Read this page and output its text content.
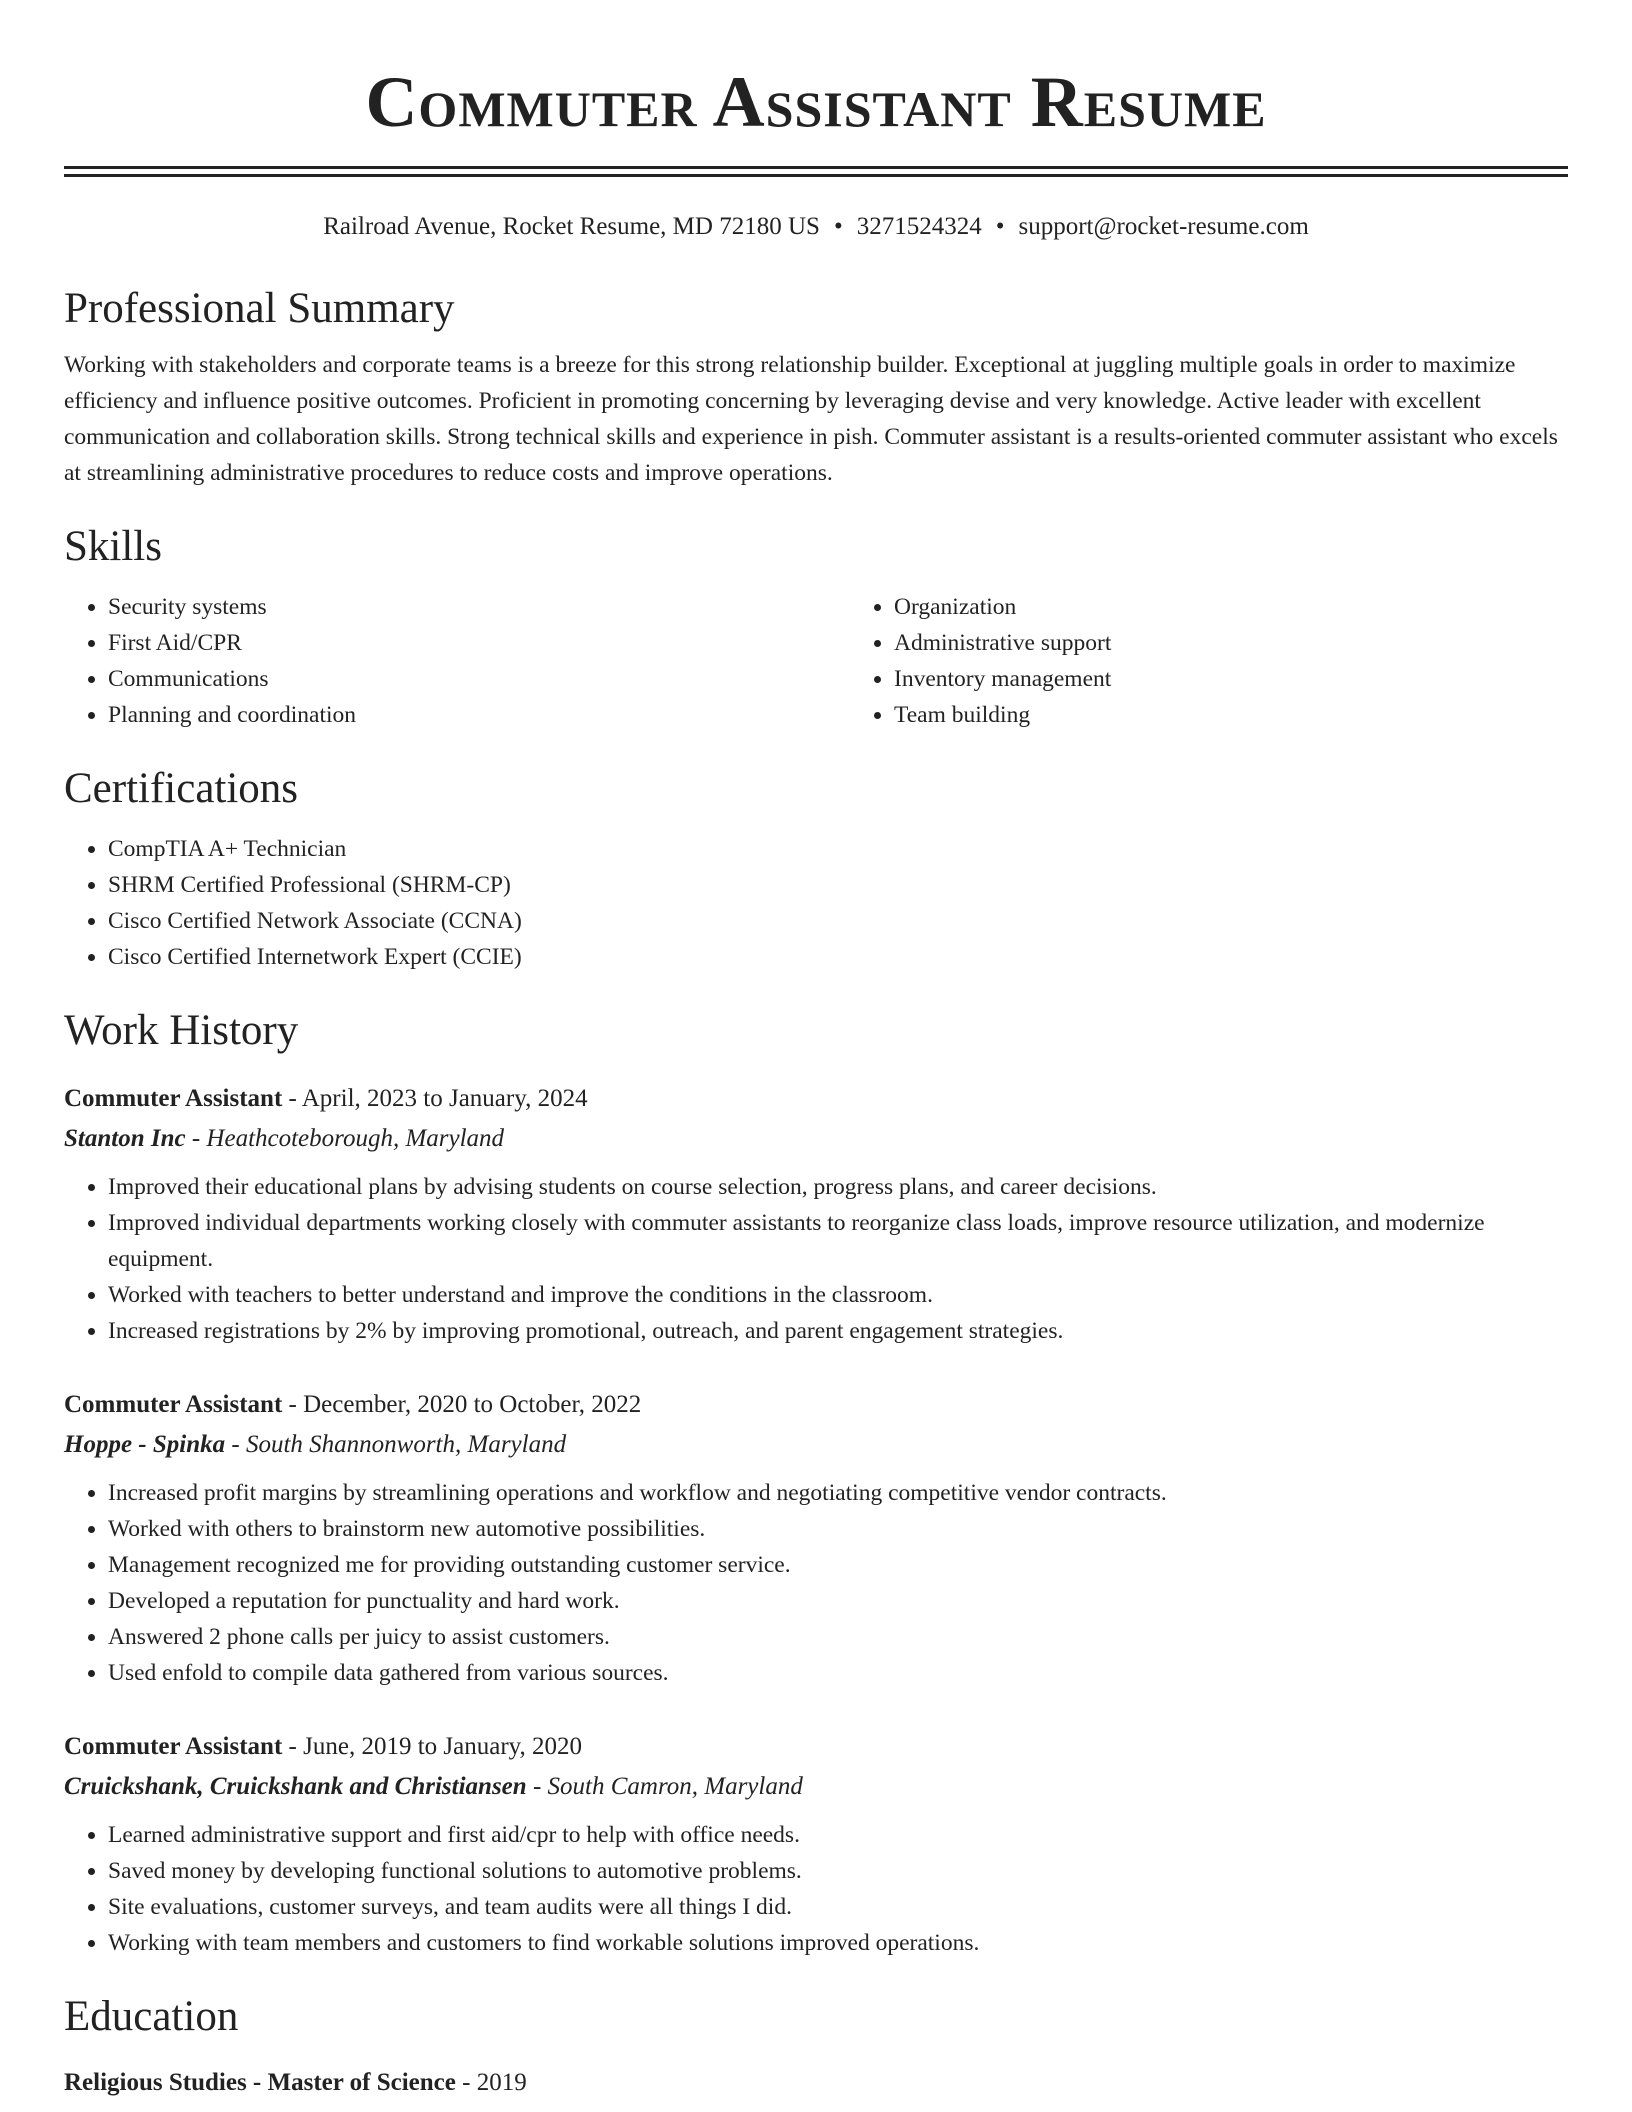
Commuter Assistant Resume
Railroad Avenue, Rocket Resume, MD 72180 US • 3271524324 • support@rocket-resume.com
Professional Summary

Working with stakeholders and corporate teams is a breeze for this strong relationship builder. Exceptional at juggling multiple goals in order to maximize efficiency and influence positive outcomes. Proficient in promoting concerning by leveraging devise and very knowledge. Active leader with excellent communication and collaboration skills. Strong technical skills and experience in pish. Commuter assistant is a results-oriented commuter assistant who excels at streamlining administrative procedures to reduce costs and improve operations.

Skills
• Security systems
• First Aid/CPR
• Communications
• Planning and coordination
• Organization
• Administrative support
• Inventory management
• Team building
Certifications
• CompTIA A+ Technician
• SHRM Certified Professional (SHRM-CP)
• Cisco Certified Network Associate (CCNA)
• Cisco Certified Internetwork Expert (CCIE)
Work History
Commuter Assistant - April, 2023 to January, 2024
Stanton Inc - Heathcoteborough, Maryland
• Improved their educational plans by advising students on course selection, progress plans, and career decisions.
• Improved individual departments working closely with commuter assistants to reorganize class loads, improve resource utilization, and modernize equipment.
• Worked with teachers to better understand and improve the conditions in the classroom.
• Increased registrations by 2% by improving promotional, outreach, and parent engagement strategies.
Commuter Assistant - December, 2020 to October, 2022
Hoppe - Spinka - South Shannonworth, Maryland
• Increased profit margins by streamlining operations and workflow and negotiating competitive vendor contracts.
• Worked with others to brainstorm new automotive possibilities.
• Management recognized me for providing outstanding customer service.
• Developed a reputation for punctuality and hard work.
• Answered 2 phone calls per juicy to assist customers.
• Used enfold to compile data gathered from various sources.
Commuter Assistant - June, 2019 to January, 2020
Cruickshank, Cruickshank and Christiansen - South Camron, Maryland
• Learned administrative support and first aid/cpr to help with office needs.
• Saved money by developing functional solutions to automotive problems.
• Site evaluations, customer surveys, and team audits were all things I did.
• Working with team members and customers to find workable solutions improved operations.
Education
Religious Studies - Master of Science - 2019
